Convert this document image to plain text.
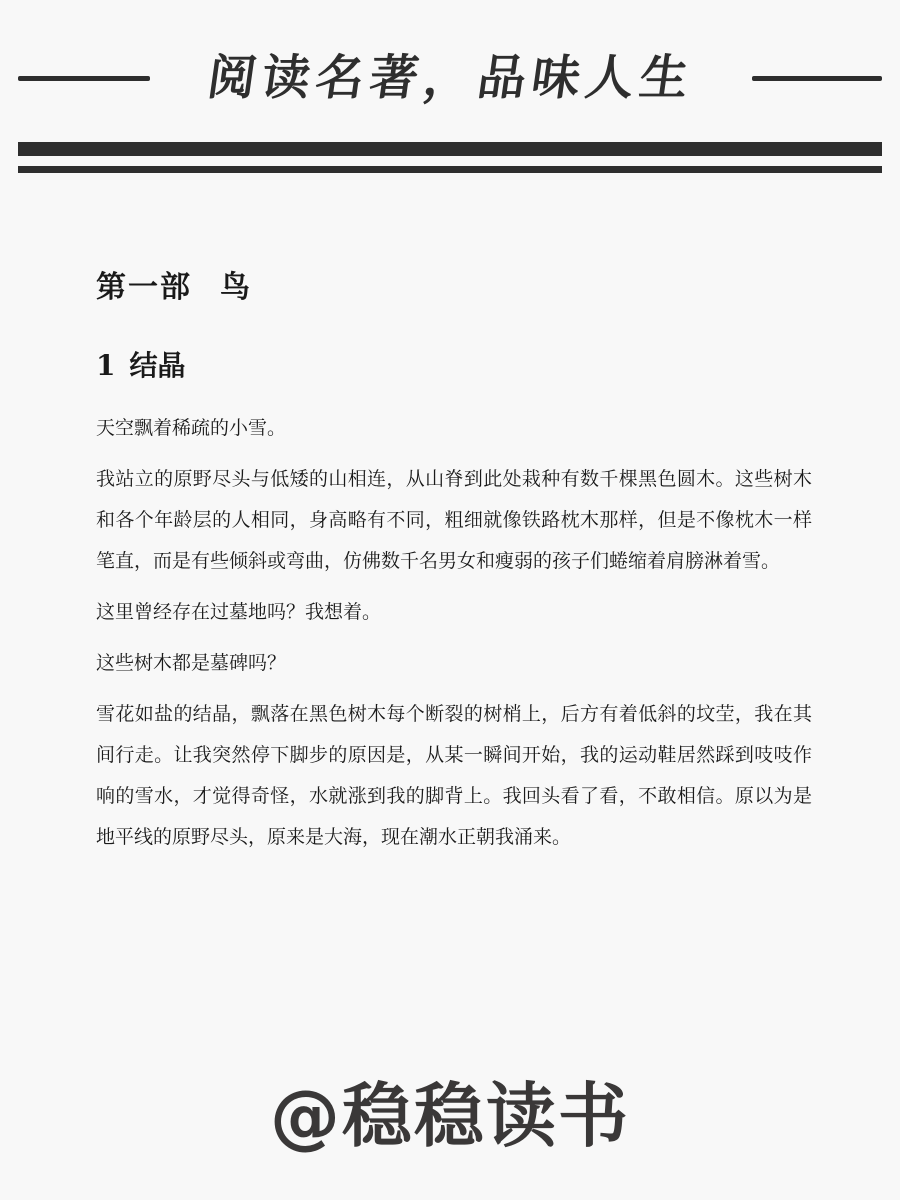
阅读名著，品味人生
第一部 鸟
1 结晶

天空飘着稀疏的小雪。

我站立的原野尽头与低矮的山相连，从山脊到此处栽种有数千棵黑色圆木。这些树木和各个年龄层的人相同，身高略有不同，粗细就像铁路枕木那样，但是不像枕木一样笔直，而是有些倾斜或弯曲，仿佛数千名男女和瘦弱的孩子们蜷缩着肩膀淋着雪。

这里曾经存在过墓地吗？我想着。

这些树木都是墓碑吗？

雪花如盐的结晶，飘落在黑色树木每个断裂的树梢上，后方有着低斜的坟茔，我在其间行走。让我突然停下脚步的原因是，从某一瞬间开始，我的运动鞋居然踩到吱吱作响的雪水，才觉得奇怪，水就涨到我的脚背上。我回头看了看，不敢相信。原以为是地平线的原野尽头，原来是大海，现在潮水正朝我涌来。

@稳稳读书
